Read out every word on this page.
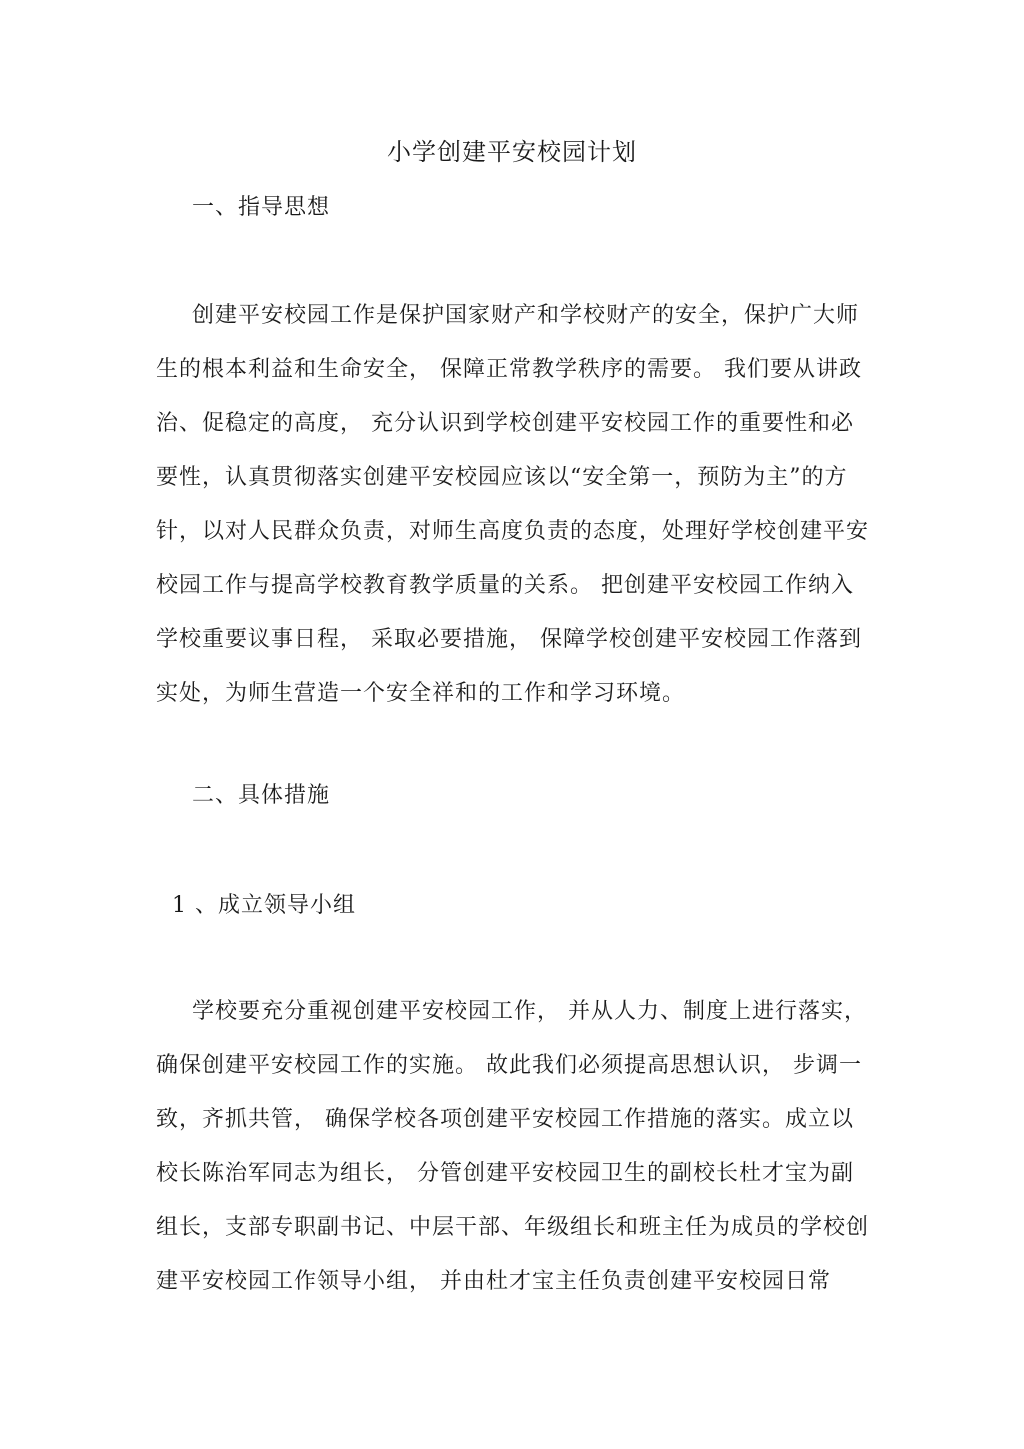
小学创建平安校园计划
一、指导思想
创建平安校园工作是保护国家财产和学校财产的安全，保护广大师生的根本利益和生命安全， 保障正常教学秩序的需要。 我们要从讲政治、促稳定的高度， 充分认识到学校创建平安校园工作的重要性和必要性，认真贯彻落实创建平安校园应该以“安全第一，预防为主”的方针，以对人民群众负责，对师生高度负责的态度，处理好学校创建平安校园工作与提高学校教育教学质量的关系。 把创建平安校园工作纳入学校重要议事日程， 采取必要措施， 保障学校创建平安校园工作落到实处，为师生营造一个安全祥和的工作和学习环境。
二、具体措施
1 、成立领导小组
学校要充分重视创建平安校园工作， 并从人力、制度上进行落实，确保创建平安校园工作的实施。 故此我们必须提高思想认识， 步调一致，齐抓共管， 确保学校各项创建平安校园工作措施的落实。成立以校长陈治军同志为组长， 分管创建平安校园卫生的副校长杜才宝为副组长，支部专职副书记、中层干部、年级组长和班主任为成员的学校创建平安校园工作领导小组， 并由杜才宝主任负责创建平安校园日常
